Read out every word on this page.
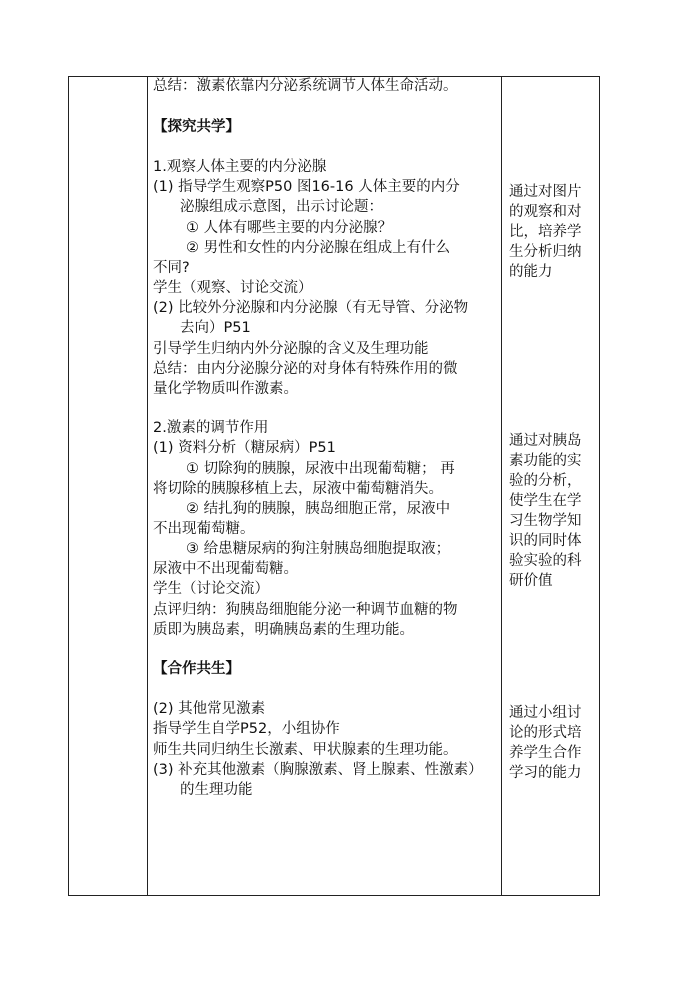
总结：激素依靠内分泌系统调节人体生命活动。
【探究共学】
1.观察人体主要的内分泌腺
(1) 指导学生观察P50 图16-16 人体主要的内分
泌腺组成示意图，出示讨论题：
① 人体有哪些主要的内分泌腺？
② 男性和女性的内分泌腺在组成上有什么
不同?
学生（观察、讨论交流）
(2) 比较外分泌腺和内分泌腺（有无导管、分泌物
去向）P51
引导学生归纳内外分泌腺的含义及生理功能
总结：由内分泌腺分泌的对身体有特殊作用的微
量化学物质叫作激素。
2.激素的调节作用
(1) 资料分析（糖尿病）P51
① 切除狗的胰腺，尿液中出现葡萄糖； 再
将切除的胰腺移植上去，尿液中葡萄糖消失。
② 结扎狗的胰腺，胰岛细胞正常，尿液中
不出现葡萄糖。
③ 给患糖尿病的狗注射胰岛细胞提取液；
尿液中不出现葡萄糖。
学生（讨论交流）
点评归纳：狗胰岛细胞能分泌一种调节血糖的物
质即为胰岛素，明确胰岛素的生理功能。
【合作共生】
(2) 其他常见激素
指导学生自学P52，小组协作
师生共同归纳生长激素、甲状腺素的生理功能。
(3) 补充其他激素（胸腺激素、肾上腺素、性激素）
的生理功能
通过对图片
的观察和对
比，培养学
生分析归纳
的能力
通过对胰岛
素功能的实
验的分析，
使学生在学
习生物学知
识的同时体
验实验的科
研价值
通过小组讨
论的形式培
养学生合作
学习的能力
